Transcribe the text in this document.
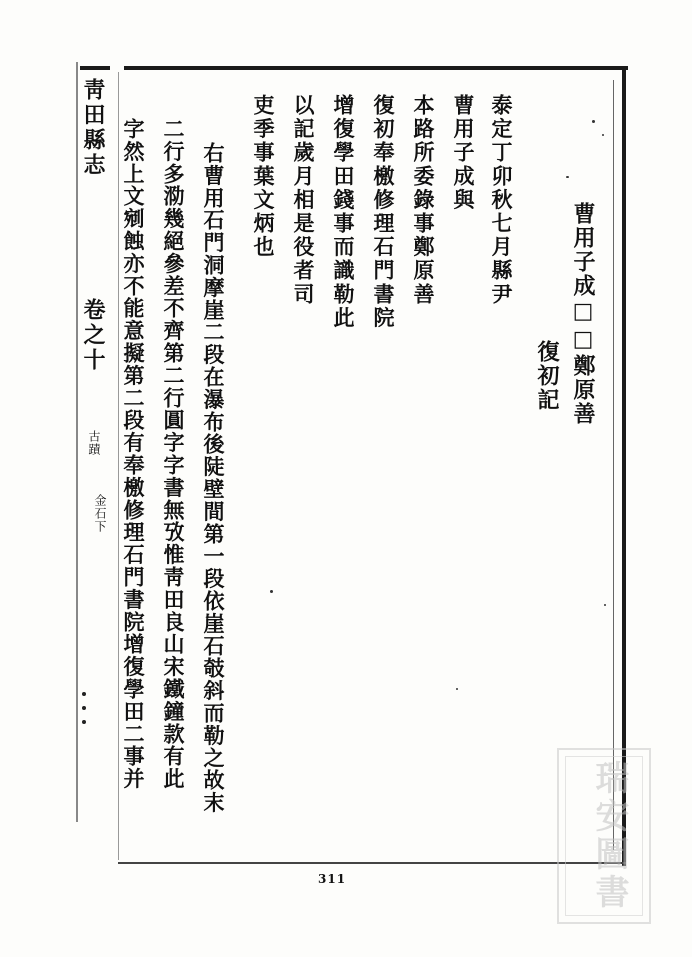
靑田縣志
卷之十
古蹟
金石下
曹用子成□□鄭原善
復初記
泰定丁卯秋七月縣尹
曹用子成與
本路所委錄事鄭原善
復初奉檄修理石門書院
增復學田錢事而識勒此
以記歲月相是役者司
吏季事葉文炳也
右曹用石門洞摩崖二段在瀑布後陡壁間第一段依崖石攲斜而勒之故末
二行多泐幾絕參差不齊第二行圓字字書無攷惟靑田良山宋鐵鐘款有此
字然上文剜蝕亦不能意擬第二段有奉檄修理石門書院增復學田二事并
311	瑞安圖書
